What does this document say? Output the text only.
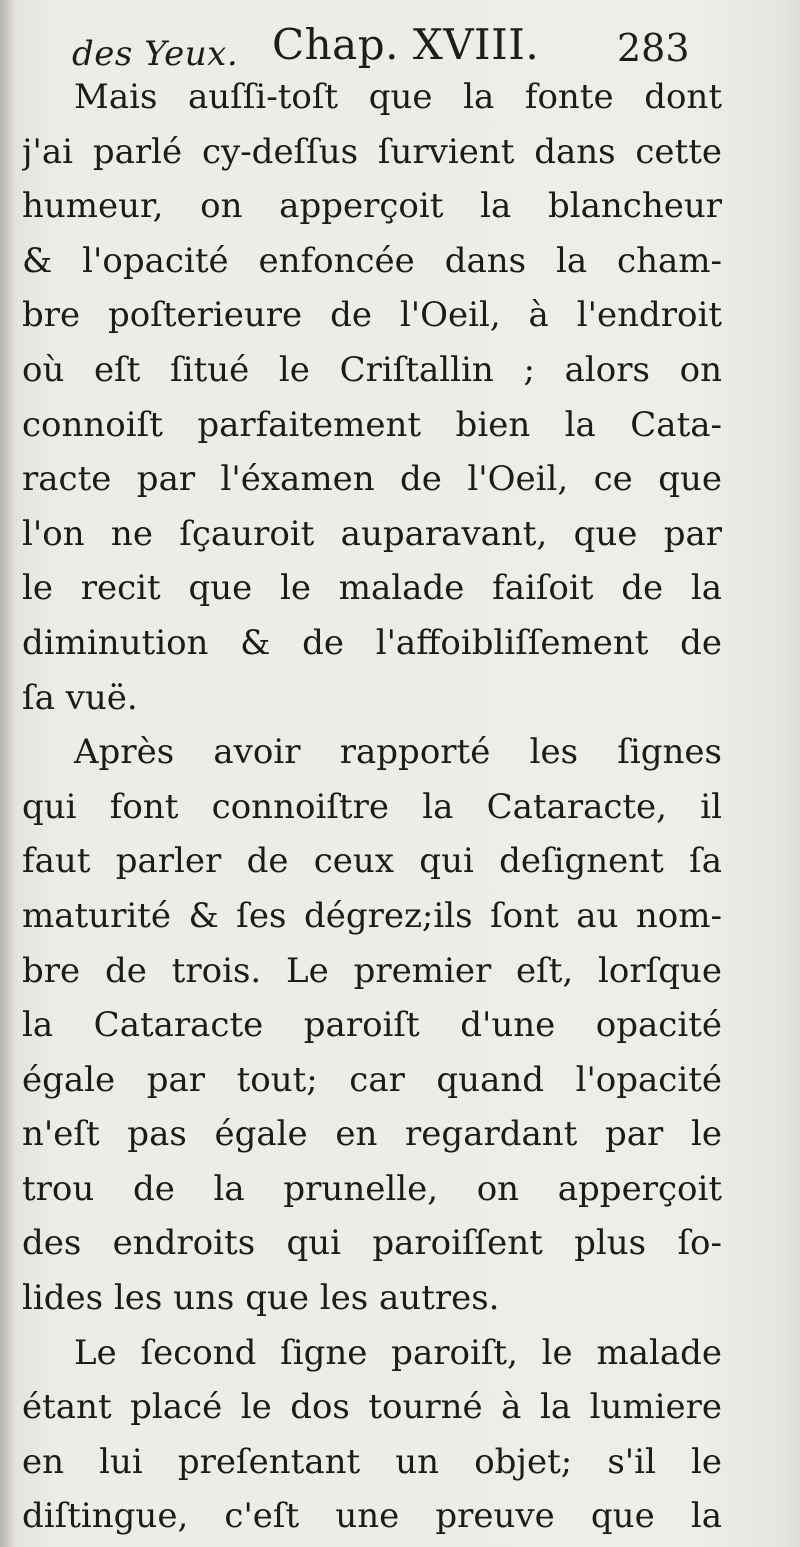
des Yeux. Chap. XVIII. 283
Mais auſſi-toſt que la fonte dont
j'ai parlé cy-deſſus ſurvient dans cette
humeur, on apperçoit la blancheur
& l'opacité enfoncée dans la cham-
bre poſterieure de l'Oeil, à l'endroit
où eſt ſitué le Criſtallin ; alors on
connoiſt parfaitement bien la Cata-
racte par l'éxamen de l'Oeil, ce que
l'on ne ſçauroit auparavant, que par
le recit que le malade faiſoit de la
diminution & de l'affoibliſſement de
ſa vuë.
Après avoir rapporté les ſignes
qui font connoiſtre la Cataracte, il
faut parler de ceux qui deſignent ſa
maturité & ſes dégrez;ils ſont au nom-
bre de trois. Le premier eſt, lorſque
la Cataracte paroiſt d'une opacité
égale par tout; car quand l'opacité
n'eſt pas égale en regardant par le
trou de la prunelle, on apperçoit
des endroits qui paroiſſent plus ſo-
lides les uns que les autres.
Le ſecond ſigne paroiſt, le malade
étant placé le dos tourné à la lumiere
en lui preſentant un objet; s'il le
diſtingue, c'eſt une preuve que la
